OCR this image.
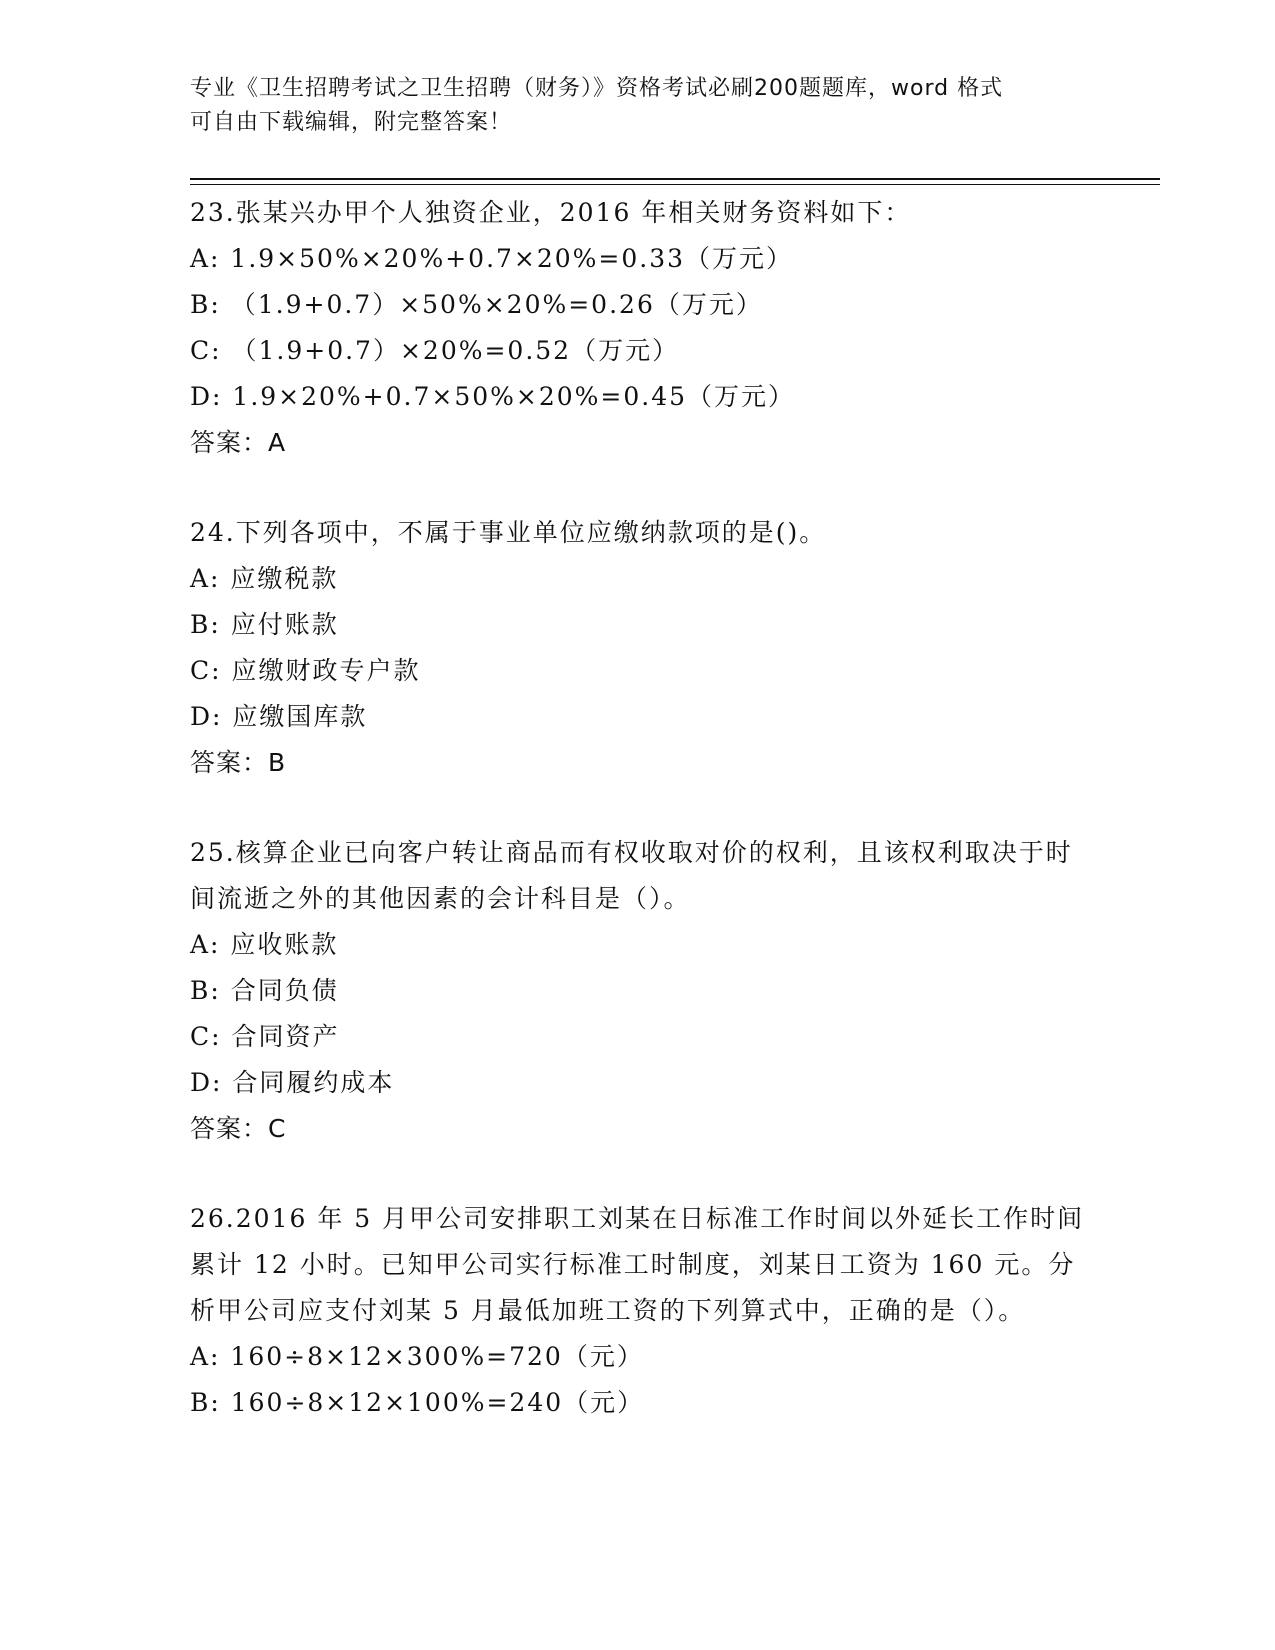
专业《卫生招聘考试之卫生招聘（财务）》资格考试必刷200题题库，word 格式
可自由下载编辑，附完整答案！
23.张某兴办甲个人独资企业，2016 年相关财务资料如下：
A: 1.9×50%×20%+0.7×20%=0.33（万元）
B: （1.9+0.7）×50%×20%=0.26（万元）
C: （1.9+0.7）×20%=0.52（万元）
D: 1.9×20%+0.7×50%×20%=0.45（万元）
答案：A
24.下列各项中，不属于事业单位应缴纳款项的是()。
A: 应缴税款
B: 应付账款
C: 应缴财政专户款
D: 应缴国库款
答案：B
25.核算企业已向客户转让商品而有权收取对价的权利，且该权利取决于时间流逝之外的其他因素的会计科目是（）。
A: 应收账款
B: 合同负债
C: 合同资产
D: 合同履约成本
答案：C
26.2016 年 5 月甲公司安排职工刘某在日标准工作时间以外延长工作时间累计 12 小时。已知甲公司实行标准工时制度，刘某日工资为 160 元。分析甲公司应支付刘某 5 月最低加班工资的下列算式中，正确的是（）。
A: 160÷8×12×300%=720（元）
B: 160÷8×12×100%=240（元）
